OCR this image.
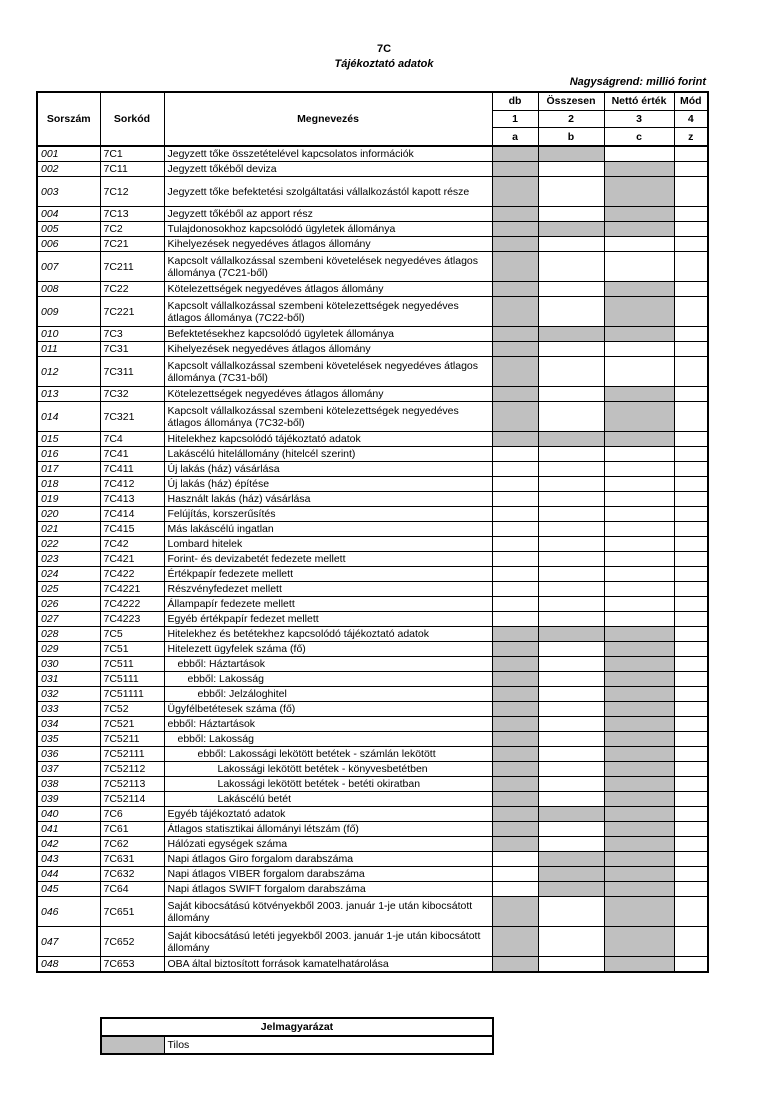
7C
Tájékoztató adatok
Nagyságrend: millió forint
Sorszám	Sorkód	Megnevezés	db	Összesen	Nettó érték	Mód
			1	2	3	4
			a	b	c	z
001	7C1	Jegyzett tőke összetételével kapcsolatos információk				
002	7C11	Jegyzett tőkéből deviza				
003	7C12	Jegyzett tőke befektetési szolgáltatási vállalkozástól kapott része				
004	7C13	Jegyzett tőkéből az apport rész				
005	7C2	Tulajdonosokhoz kapcsolódó ügyletek állománya				
006	7C21	Kihelyezések negyedéves átlagos állomány				
007	7C211	Kapcsolt vállalkozással szembeni követelések negyedéves átlagos állománya (7C21-ből)				
008	7C22	Kötelezettségek negyedéves átlagos állomány				
009	7C221	Kapcsolt vállalkozással szembeni kötelezettségek negyedéves átlagos állománya (7C22-ből)				
010	7C3	Befektetésekhez kapcsolódó ügyletek állománya				
011	7C31	Kihelyezések negyedéves átlagos állomány				
012	7C311	Kapcsolt vállalkozással szembeni követelések negyedéves átlagos állománya (7C31-ből)				
013	7C32	Kötelezettségek negyedéves átlagos állomány				
014	7C321	Kapcsolt vállalkozással szembeni kötelezettségek negyedéves átlagos állománya (7C32-ből)				
015	7C4	Hitelekhez kapcsolódó tájékoztató adatok				
016	7C41	Lakáscélú hitelállomány (hitelcél szerint)				
017	7C411	Új lakás (ház) vásárlása				
018	7C412	Új lakás (ház) építése				
019	7C413	Használt lakás (ház) vásárlása				
020	7C414	Felújítás, korszerűsítés				
021	7C415	Más lakáscélú ingatlan				
022	7C42	Lombard hitelek				
023	7C421	Forint- és devizabetét fedezete mellett				
024	7C422	Értékpapír fedezete mellett				
025	7C4221	Részvényfedezet mellett				
026	7C4222	Állampapír fedezete mellett				
027	7C4223	Egyéb értékpapír fedezet mellett				
028	7C5	Hitelekhez és betétekhez kapcsolódó tájékoztató adatok				
029	7C51	Hitelezett ügyfelek száma (fő)				
030	7C511	ebből: Háztartások				
031	7C5111	ebből: Lakosság				
032	7C51111	ebből: Jelzáloghitel				
033	7C52	Ügyfélbetétesek száma (fő)				
034	7C521	ebből: Háztartások				
035	7C5211	ebből: Lakosság				
036	7C52111	ebből: Lakossági lekötött betétek - számlán lekötött				
037	7C52112	Lakossági lekötött betétek - könyvesbetétben				
038	7C52113	Lakossági lekötött betétek - betéti okiratban				
039	7C52114	Lakáscélú betét				
040	7C6	Egyéb tájékoztató adatok				
041	7C61	Átlagos statisztikai állományi létszám (fő)				
042	7C62	Hálózati egységek száma				
043	7C631	Napi átlagos Giro forgalom darabszáma				
044	7C632	Napi átlagos VIBER forgalom darabszáma				
045	7C64	Napi átlagos SWIFT forgalom darabszáma				
046	7C651	Saját kibocsátású kötvényekből 2003. január 1-je után kibocsátott állomány				
047	7C652	Saját kibocsátású letéti jegyekből 2003. január 1-je után kibocsátott állomány				
048	7C653	OBA által biztosított források kamatelhatárolása				
Jelmagyarázat
	Tilos
